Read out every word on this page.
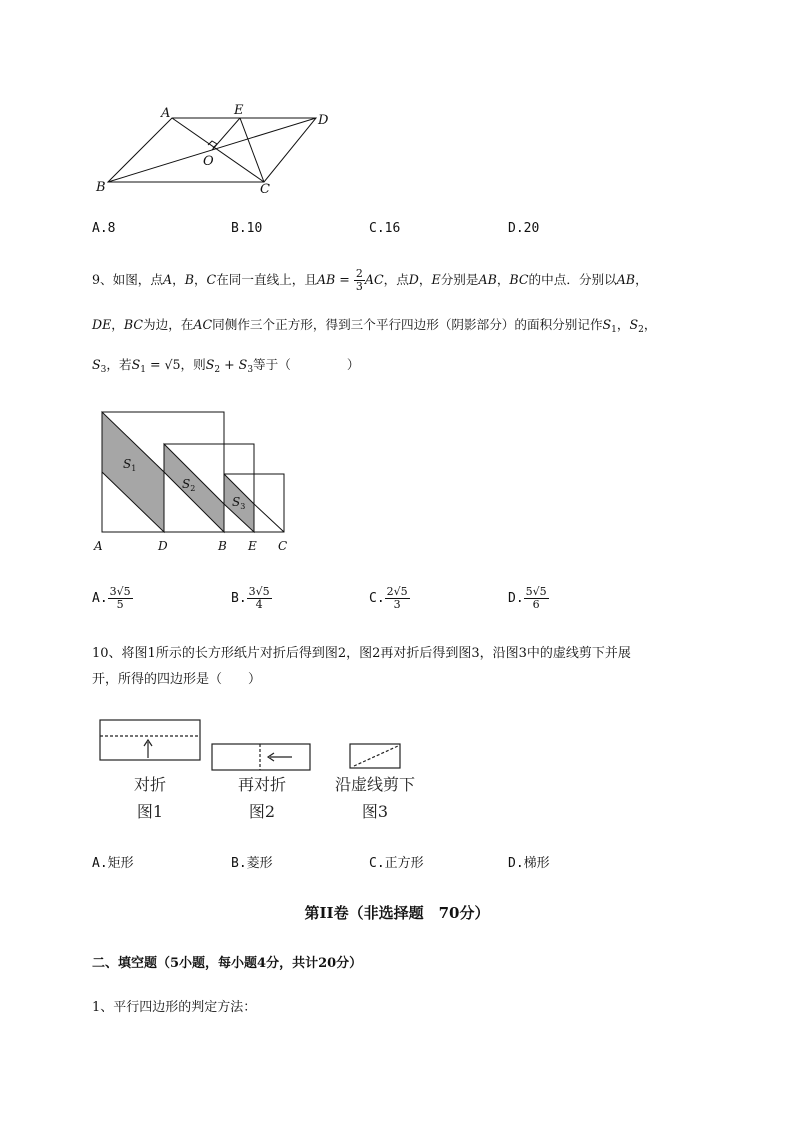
A	E
D
O
B	C
A.8	B.10	C.16	D.20
9、如图，点A，B，C在同一直线上，且AB = $\frac{2}{3}$ AC，点D，E分别是AB，BC的中点．分别以AB，
DE，BC为边，在AC同侧作三个正方形，得到三个平行四边形（阴影部分）的面积分别记作$S_1$，$S_2$，
$S_3$，若$S_1 = √5$，则$S_2 + S_3$等于（	）
$S_1$
$S_2$
$S_3$
A	D	B E C
A. $\frac{3√5}{5}$	B. $\frac{3√5}{4}$	C. $\frac{2√5}{3}$	D. $\frac{5√5}{6}$
10、将图1所示的长方形纸片对折后得到图2，图2再对折后得到图3，沿图3中的虚线剪下并展
开，所得的四边形是（　　）
对折
图1
再对折
图2
沿虚线剪下
图3
A.矩形	B.菱形	C.正方形	D.梯形
第II卷（非选择题　70分）
二、填空题（5小题，每小题4分，共计20分）
1、平行四边形的判定方法：
